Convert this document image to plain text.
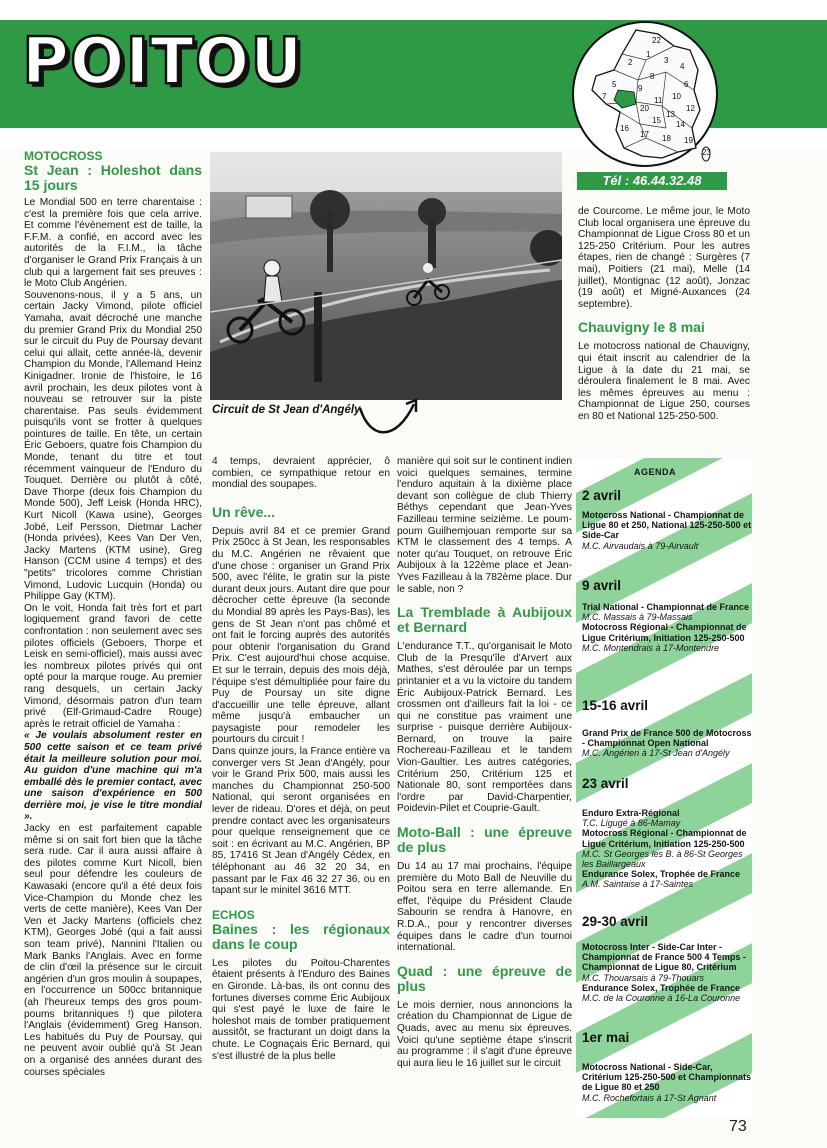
POITOU	22
2
1
3
4
5	6
7
8
9
10
11
12
13
14
15
16
17 18 19
20
23
Tél : 46.44.32.48
MOTOCROSS
St Jean : Holeshot dans 15 jours

Le Mondial 500 en terre charentaise : c'est la première fois que cela arrive. Et comme l'évènement est de taille, la F.F.M. a confié, en accord avec les autorités de la F.I.M., la tâche d'organiser le Grand Prix Français à un club qui a largement fait ses preuves : le Moto Club Angérien.

Souvenons-nous, il y a 5 ans, un certain Jacky Vimond, pilote officiel Yamaha, avait décroché une manche du premier Grand Prix du Mondial 250 sur le circuit du Puy de Poursay devant celui qui allait, cette année-là, devenir Champion du Monde, l'Allemand Heinz Kinigadner. Ironie de l'histoire, le 16 avril prochain, les deux pilotes vont à nouveau se retrouver sur la piste charentaise. Pas seuls évidemment puisqu'ils vont se frotter à quelques pointures de taille. En tête, un certain Éric Geboers, quatre fois Champion du Monde, tenant du titre et tout récemment vainqueur de l'Enduro du Touquet. Derrière ou plutôt à côté, Dave Thorpe (deux fois Champion du Monde 500), Jeff Leisk (Honda HRC), Kurt Nicoll (Kawa usine), Georges Jobé, Leif Persson, Dietmar Lacher (Honda privées), Kees Van Der Ven, Jacky Martens (KTM usine), Greg Hanson (CCM usine 4 temps) et des "petits" tricolores comme Christian Vimond, Ludovic Lucquin (Honda) ou Philippe Gay (KTM).

On le voit, Honda fait très fort et part logiquement grand favori de cette confrontation : non seulement avec ses pilotes officiels (Geboers, Thorpe et Leisk en semi-officiel), mais aussi avec les nombreux pilotes privés qui ont opté pour la marque rouge. Au premier rang desquels, un certain Jacky Vimond, désormais patron d'un team privé (Elf-Grimaud-Cadre Rouge) après le retrait officiel de Yamaha :

« Je voulais absolument rester en 500 cette saison et ce team privé était la meilleure solution pour moi. Au guidon d'une machine qui m'a emballé dès le premier contact, avec une saison d'expérience en 500 derrière moi, je vise le titre mondial ».

Jacky en est parfaitement capable même si on sait fort bien que la tâche sera rude. Car il aura aussi affaire à des pilotes comme Kurt Nicoll, bien seul pour défendre les couleurs de Kawasaki (encore qu'il a été deux fois Vice-Champion du Monde chez les verts de cette manière), Kees Van Der Ven et Jacky Martens (officiels chez KTM), Georges Jobé (qui a fait aussi son team privé), Nannini l'Italien ou Mark Banks l'Anglais. Avec en forme de clin d'œil la présence sur le circuit angérien d'un gros moulin à soupapes, en l'occurrence un 500cc britannique (ah l'heureux temps des gros poum-poums britanniques !) que pilotera l'Anglais (évidemment) Greg Hanson. Les habitués du Puy de Poursay, qui ne peuvent avoir oublié qu'à St Jean on a organisé des années durant des courses spéciales

Circuit de St Jean d'Angély

4 temps, devraient apprécier, ô combien, ce sympathique retour en mondial des soupapes.

Un rêve...

Depuis avril 84 et ce premier Grand Prix 250cc à St Jean, les responsables du M.C. Angérien ne rêvaient que d'une chose : organiser un Grand Prix 500, avec l'élite, le gratin sur la piste durant deux jours. Autant dire que pour décrocher cette épreuve (la seconde du Mondial 89 après les Pays-Bas), les gens de St Jean n'ont pas chômé et ont fait le forcing auprès des autorités pour obtenir l'organisation du Grand Prix. C'est aujourd'hui chose acquise. Et sur le terrain, depuis des mois déjà, l'équipe s'est démultipliée pour faire du Puy de Poursay un site digne d'accueillir une telle épreuve, allant même jusqu'à embaucher un paysagiste pour remodeler les pourtours du circuit !

Dans quinze jours, la France entière va converger vers St Jean d'Angély, pour voir le Grand Prix 500, mais aussi les manches du Championnat 250-500 National, qui seront organisées en lever de rideau. D'ores et déjà, on peut prendre contact avec les organisateurs pour quelque renseignement que ce soit : en écrivant au M.C. Angérien, BP 85, 17416 St Jean d'Angély Cédex, en téléphonant au 46 32 20 34, en passant par le Fax 46 32 27 36, ou en tapant sur le minitel 3616 MTT.

ECHOS
Baines : les régionaux dans le coup

Les pilotes du Poitou-Charentes étaient présents à l'Enduro des Baines en Gironde. Là-bas, ils ont connu des fortunes diverses comme Éric Aubijoux qui s'est payé le luxe de faire le holeshot mais de tomber pratiquement aussitôt, se fracturant un doigt dans la chute. Le Cognaçais Éric Bernard, qui s'est illustré de la plus belle

manière qui soit sur le continent indien voici quelques semaines, termine l'enduro aquitain à la dixième place devant son collègue de club Thierry Béthys cependant que Jean-Yves Fazilleau termine seizième. Le poum-poum Guilhemjouan remporte sur sa KTM le classement des 4 temps. A noter qu'au Touquet, on retrouve Éric Aubijoux à la 122ème place et Jean-Yves Fazilleau à la 782ème place. Dur le sable, non ?

La Tremblade à Aubijoux et Bernard

L'endurance T.T., qu'organisait le Moto Club de la Presqu'île d'Arvert aux Mathes, s'est déroulée par un temps printanier et a vu la victoire du tandem Éric Aubijoux-Patrick Bernard. Les crossmen ont d'ailleurs fait la loi - ce qui ne constitue pas vraiment une surprise - puisque derrière Aubijoux-Bernard, on trouve la paire Rochereau-Fazilleau et le tandem Vion-Gaultier. Les autres catégories, Critérium 250, Critérium 125 et Nationale 80, sont remportées dans l'ordre par David-Charpentier, Poidevin-Pilet et Couprie-Gault.

Moto-Ball : une épreuve de plus

Du 14 au 17 mai prochains, l'équipe première du Moto Ball de Neuville du Poitou sera en terre allemande. En effet, l'équipe du Président Claude Sabourin se rendra à Hanovre, en R.D.A., pour y rencontrer diverses équipes dans le cadre d'un tournoi international.

Quad : une épreuve de plus

Le mois dernier, nous annoncions la création du Championnat de Ligue de Quads, avec au menu six épreuves. Voici qu'une septième étape s'inscrit au programme : il s'agit d'une épreuve qui aura lieu le 16 juillet sur le circuit

de Courcome. Le même jour, le Moto Club local organisera une épreuve du Championnat de Ligue Cross 80 et un 125-250 Critérium. Pour les autres étapes, rien de changé : Surgères (7 mai), Poitiers (21 mai), Melle (14 juillet), Montignac (12 août), Jonzac (19 août) et Migné-Auxances (24 septembre).

Chauvigny le 8 mai

Le motocross national de Chauvigny, qui était inscrit au calendrier de la Ligue à la date du 21 mai, se déroulera finalement le 8 mai. Avec les mêmes épreuves au menu : Championnat de Ligue 250, courses en 80 et National 125-250-500.

AGENDA
2 avril
Motocross National - Championnat de Ligue 80 et 250, National 125-250-500 et Side-Car
M.C. Airvaudais à 79-Airvault
9 avril
Trial National - Championnat de France
M.C. Massais à 79-Massais
Motocross Régional - Championnat de Ligue Critérium, Initiation 125-250-500
M.C. Montendrais à 17-Montendre
15-16 avril
Grand Prix de France 500 de Motocross - Championnat Open National
M.C. Angérien à 17-St Jean d'Angély
23 avril
Enduro Extra-Régional
T.C. Ligugé à 86-Mamay
Motocross Régional - Championnat de Ligue Critérium, Initiation 125-250-500
M.C. St Georges les B. à 86-St Georges les Baillargeaux
Endurance Solex, Trophée de France
A.M. Saintaise à 17-Saintes
29-30 avril
Motocross Inter - Side-Car Inter - Championnat de France 500 4 Temps - Championnat de Ligue 80, Critérium
M.C. Thouarsais à 79-Thouars
Endurance Solex, Trophée de France
M.C. de la Couronne à 16-La Couronne
1er mai
Motocross National - Side-Car, Critérium 125-250-500 et Championnats de Ligue 80 et 250
M.C. Rochefortais à 17-St Agnant
73
